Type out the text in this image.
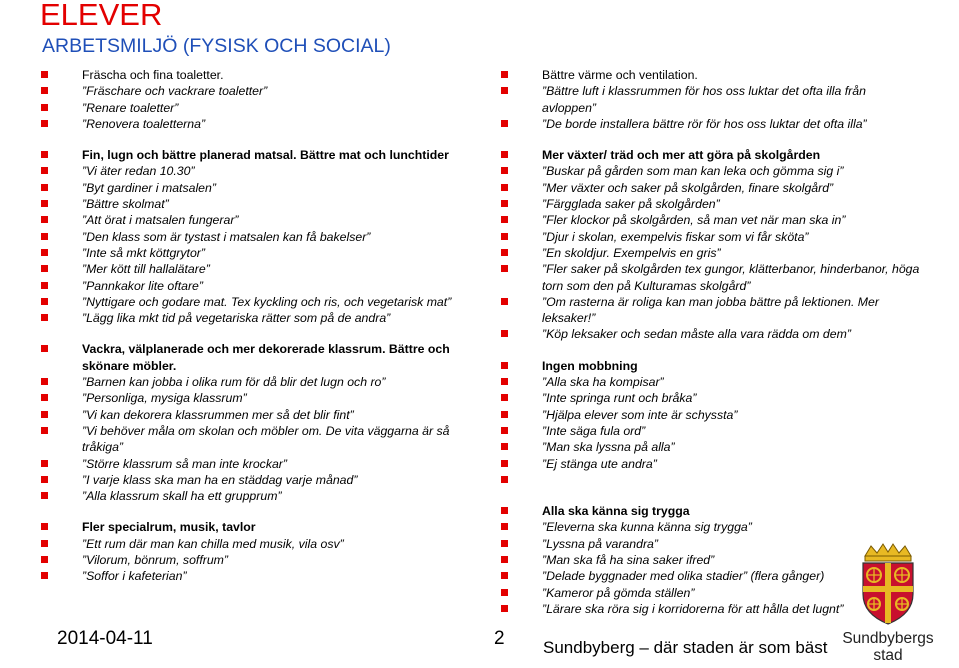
ELEVER
ARBETSMILJÖ (FYSISK OCH SOCIAL)
Fräscha och fina toaletter.
”Fräschare och vackrare toaletter”
”Renare toaletter”
”Renovera toaletterna”
Fin, lugn och bättre planerad matsal. Bättre mat och lunchtider
”Vi äter redan 10.30”
”Byt gardiner i matsalen”
”Bättre skolmat”
”Att örat i matsalen fungerar”
”Den klass som är tystast i matsalen kan få bakelser”
”Inte så mkt köttgrytor”
”Mer kött till hallalätare”
”Pannkakor lite oftare”
”Nyttigare och godare mat. Tex kyckling och ris, och vegetarisk mat”
”Lägg lika mkt tid på vegetariska rätter som på de andra”
Vackra, välplanerade och mer dekorerade klassrum. Bättre och skönare möbler.
”Barnen kan jobba i olika rum för då blir det lugn och ro”
”Personliga, mysiga klassrum”
”Vi kan dekorera klassrummen mer så det blir fint”
”Vi behöver måla om skolan och möbler om. De vita väggarna är så tråkiga”
”Större klassrum så man inte krockar”
”I varje klass ska man ha en städdag varje månad”
”Alla klassrum skall ha ett grupprum”
Fler specialrum, musik, tavlor
”Ett rum där man kan chilla med musik, vila osv”
”Vilorum, bönrum, soffrum”
”Soffor i kafeterian”
Bättre värme och ventilation.
”Bättre luft i klassrummen för hos oss luktar det ofta illa från avloppen”
”De borde installera bättre rör för hos oss luktar det ofta illa”
Mer växter/ träd och mer att göra på skolgården
”Buskar på gården som man kan leka och gömma sig i”
”Mer växter och saker på skolgården, finare skolgård”
”Färgglada saker på skolgården”
”Fler klockor på skolgården, så man vet när man ska in”
”Djur i skolan, exempelvis fiskar som vi får sköta”
”En skoldjur. Exempelvis en gris”
”Fler saker på skolgården tex gungor, klätterbanor, hinderbanor, höga torn som den på Kulturamas skolgård”
”Om rasterna är roliga kan man jobba bättre på lektionen. Mer leksaker!”
”Köp leksaker och sedan måste alla vara rädda om dem”
Ingen mobbning
”Alla ska ha kompisar”
”Inte springa runt och bråka”
”Hjälpa elever som inte är schyssta”
”Inte säga fula ord”
”Man ska lyssna på alla”
”Ej stänga ute andra”
Alla ska känna sig trygga
”Eleverna ska kunna känna sig trygga”
”Lyssna på varandra”
”Man ska få ha sina saker ifred”
”Delade byggnader med olika stadier” (flera gånger)
”Kameror på gömda ställen”
”Lärare ska röra sig i korridorerna för att hålla det lugnt”
2014-04-11	2 Sundbyberg – där staden är som bäst Sundbybergs
stad
